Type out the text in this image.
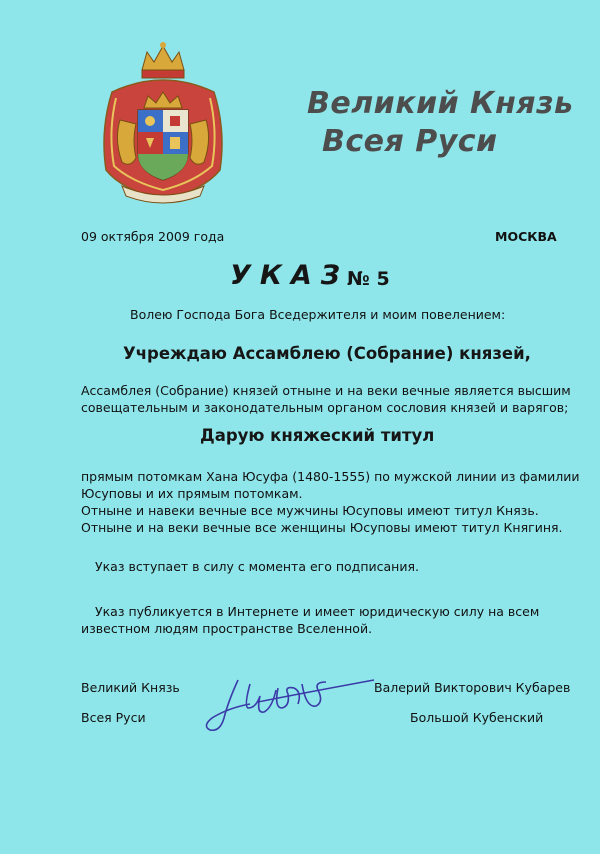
Великий Князь
Всея Руси
09 октября 2009 года	МОСКВА
УКАЗ
№ 5
Волею Господа Бога Вседержителя и моим повелением:
Учреждаю Ассамблею (Собрание) князей,
Ассамблея (Собрание) князей отныне и на веки вечные является высшим
совещательным и законодательным органом сословия князей и варягов;
Дарую княжеский титул
прямым потомкам Хана Юсуфа (1480-1555) по мужской линии из фамилии
Юсуповы и их прямым потомкам.
Отныне и навеки вечные все мужчины Юсуповы имеют титул Князь.
Отныне и на веки вечные все женщины Юсуповы имеют титул Княгиня.
Указ вступает в силу с момента его подписания.
Указ публикуется в Интернете и имеет юридическую силу на всем
известном людям пространстве Вселенной.
Великий Князь
Всея Руси
Валерий Викторович Кубарев
Большой Кубенский
